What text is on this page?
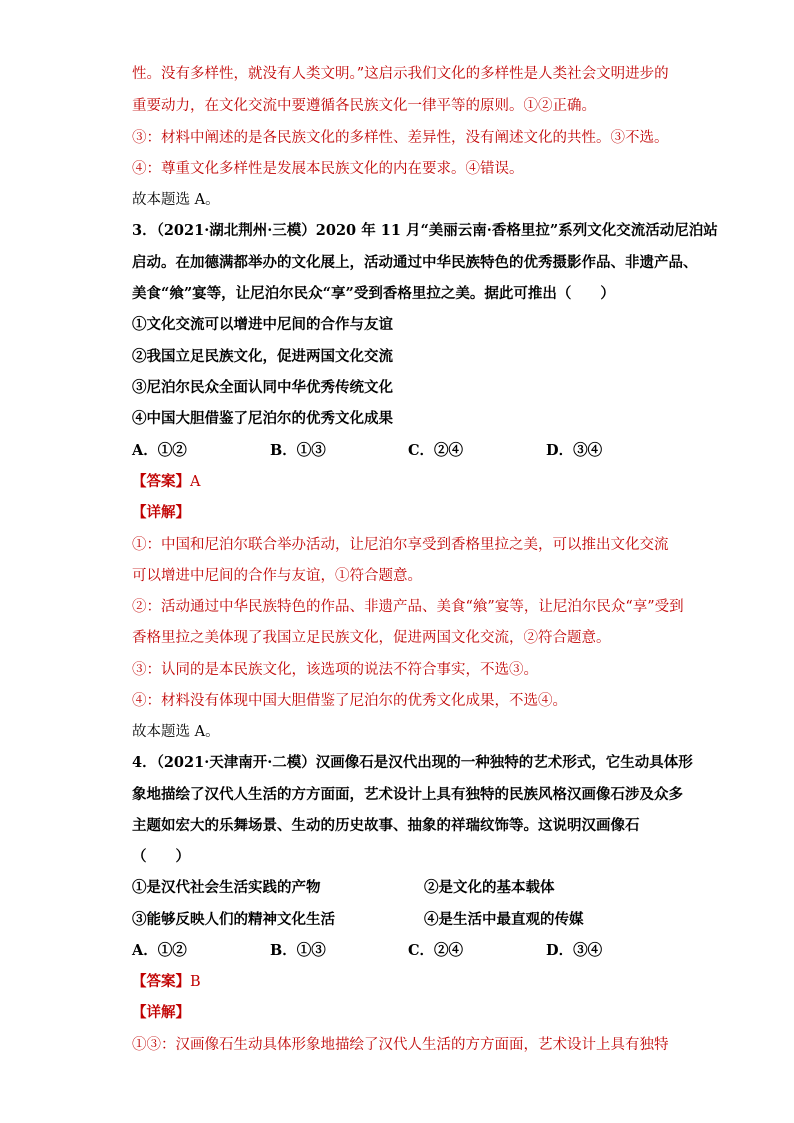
性。没有多样性，就没有人类文明。”这启示我们文化的多样性是人类社会文明进步的
重要动力，在文化交流中要遵循各民族文化一律平等的原则。①②正确。
③：材料中阐述的是各民族文化的多样性、差异性，没有阐述文化的共性。③不选。
④：尊重文化多样性是发展本民族文化的内在要求。④错误。
故本题选 A。
3．（2021·湖北荆州·三模）2020 年 11 月“美丽云南·香格里拉”系列文化交流活动尼泊站
启动。在加德满都举办的文化展上，活动通过中华民族特色的优秀摄影作品、非遗产品、
美食“飨”宴等，让尼泊尔民众“享”受到香格里拉之美。据此可推出（　　）
①文化交流可以增进中尼间的合作与友谊
②我国立足民族文化，促进两国文化交流
③尼泊尔民众全面认同中华优秀传统文化
④中国大胆借鉴了尼泊尔的优秀文化成果
A．①②	B．①③	C．②④	D．③④
【答案】A
【详解】
①：中国和尼泊尔联合举办活动，让尼泊尔享受到香格里拉之美，可以推出文化交流
可以增进中尼间的合作与友谊，①符合题意。
②：活动通过中华民族特色的作品、非遗产品、美食“飨”宴等，让尼泊尔民众“享”受到
香格里拉之美体现了我国立足民族文化，促进两国文化交流，②符合题意。
③：认同的是本民族文化，该选项的说法不符合事实，不选③。
④：材料没有体现中国大胆借鉴了尼泊尔的优秀文化成果，不选④。
故本题选 A。
4．（2021·天津南开·二模）汉画像石是汉代出现的一种独特的艺术形式，它生动具体形
象地描绘了汉代人生活的方方面面，艺术设计上具有独特的民族风格汉画像石涉及众多
主题如宏大的乐舞场景、生动的历史故事、抽象的祥瑞纹饰等。这说明汉画像石
（　　）
①是汉代社会生活实践的产物	②是文化的基本载体
③能够反映人们的精神文化生活	④是生活中最直观的传媒
A．①②	B．①③	C．②④	D．③④
【答案】B
【详解】
①③：汉画像石生动具体形象地描绘了汉代人生活的方方面面，艺术设计上具有独特
